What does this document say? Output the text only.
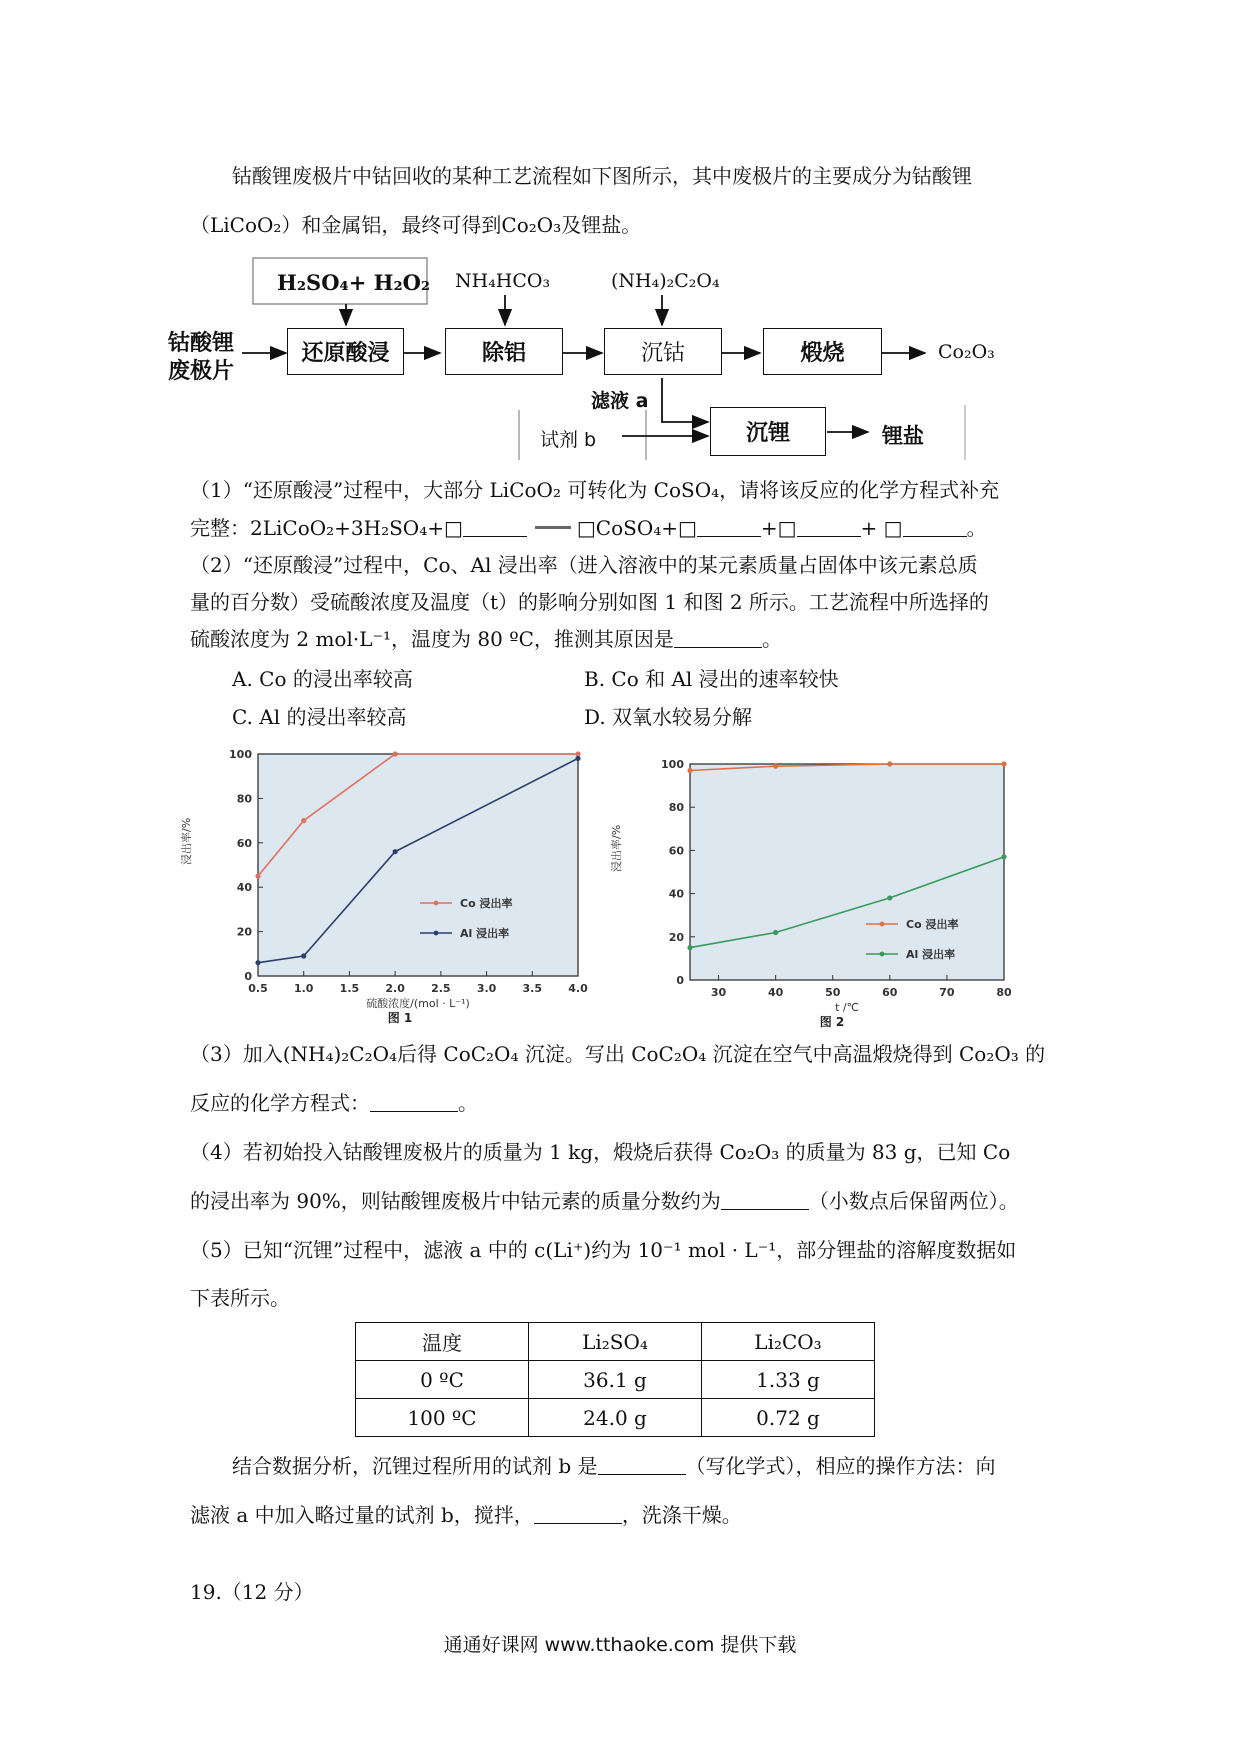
钴酸锂废极片中钴回收的某种工艺流程如下图所示，其中废极片的主要成分为钴酸锂
（LiCoO₂）和金属铝，最终可得到Co₂O₃及锂盐。
钴酸锂
废极片
H₂SO₄+ H₂O₂ NH₄HCO₃	(NH₄)₂C₂O₄
还原酸浸	除铝	沉钴	煅烧	Co₂O₃
滤液 a
试剂 b	沉锂	锂盐
（1）“还原酸浸”过程中，大部分 LiCoO₂ 可转化为 CoSO₄，请将该反应的化学方程式补充
完整：2LiCoO₂+3H₂SO₄+□	□CoSO₄+□	+□	+ □	。
（2）“还原酸浸”过程中，Co、Al 浸出率（进入溶液中的某元素质量占固体中该元素总质
量的百分数）受硫酸浓度及温度（t）的影响分别如图 1 和图 2 所示。工艺流程中所选择的
硫酸浓度为 2 mol·L⁻¹，温度为 80 ºC，推测其原因是	。
A. Co 的浸出率较高	B. Co 和 Al 浸出的速率较快
C. Al 的浸出率较高	D. 双氧水较易分解
0
20
40
60
80
100
0.5 1.0 1.5 2.0 2.5 3.0 3.5 4.0
硫酸浓度/(mol · L⁻¹)
浸出率/%
图 1
Co 浸出率
Al 浸出率
0
20
40
60
80
100
30	40	50	60	70	80
t /℃
浸出率/%
图 2
Co 浸出率
Al 浸出率
（3）加入(NH₄)₂C₂O₄后得 CoC₂O₄ 沉淀。写出 CoC₂O₄ 沉淀在空气中高温煅烧得到 Co₂O₃ 的
反应的化学方程式：	。
（4）若初始投入钴酸锂废极片的质量为 1 kg，煅烧后获得 Co₂O₃ 的质量为 83 g，已知 Co
的浸出率为 90%，则钴酸锂废极片中钴元素的质量分数约为	（小数点后保留两位）。
（5）已知“沉锂”过程中，滤液 a 中的 c(Li⁺)约为 10⁻¹ mol · L⁻¹，部分锂盐的溶解度数据如
下表所示。
温度	Li₂SO₄	Li₂CO₃
0 ºC	36.1 g	1.33 g
100 ºC	24.0 g	0.72 g
结合数据分析，沉锂过程所用的试剂 b 是	（写化学式），相应的操作方法：向
滤液 a 中加入略过量的试剂 b，搅拌，	，洗涤干燥。
19.（12 分）
通通好课网 www.tthaoke.com 提供下载
